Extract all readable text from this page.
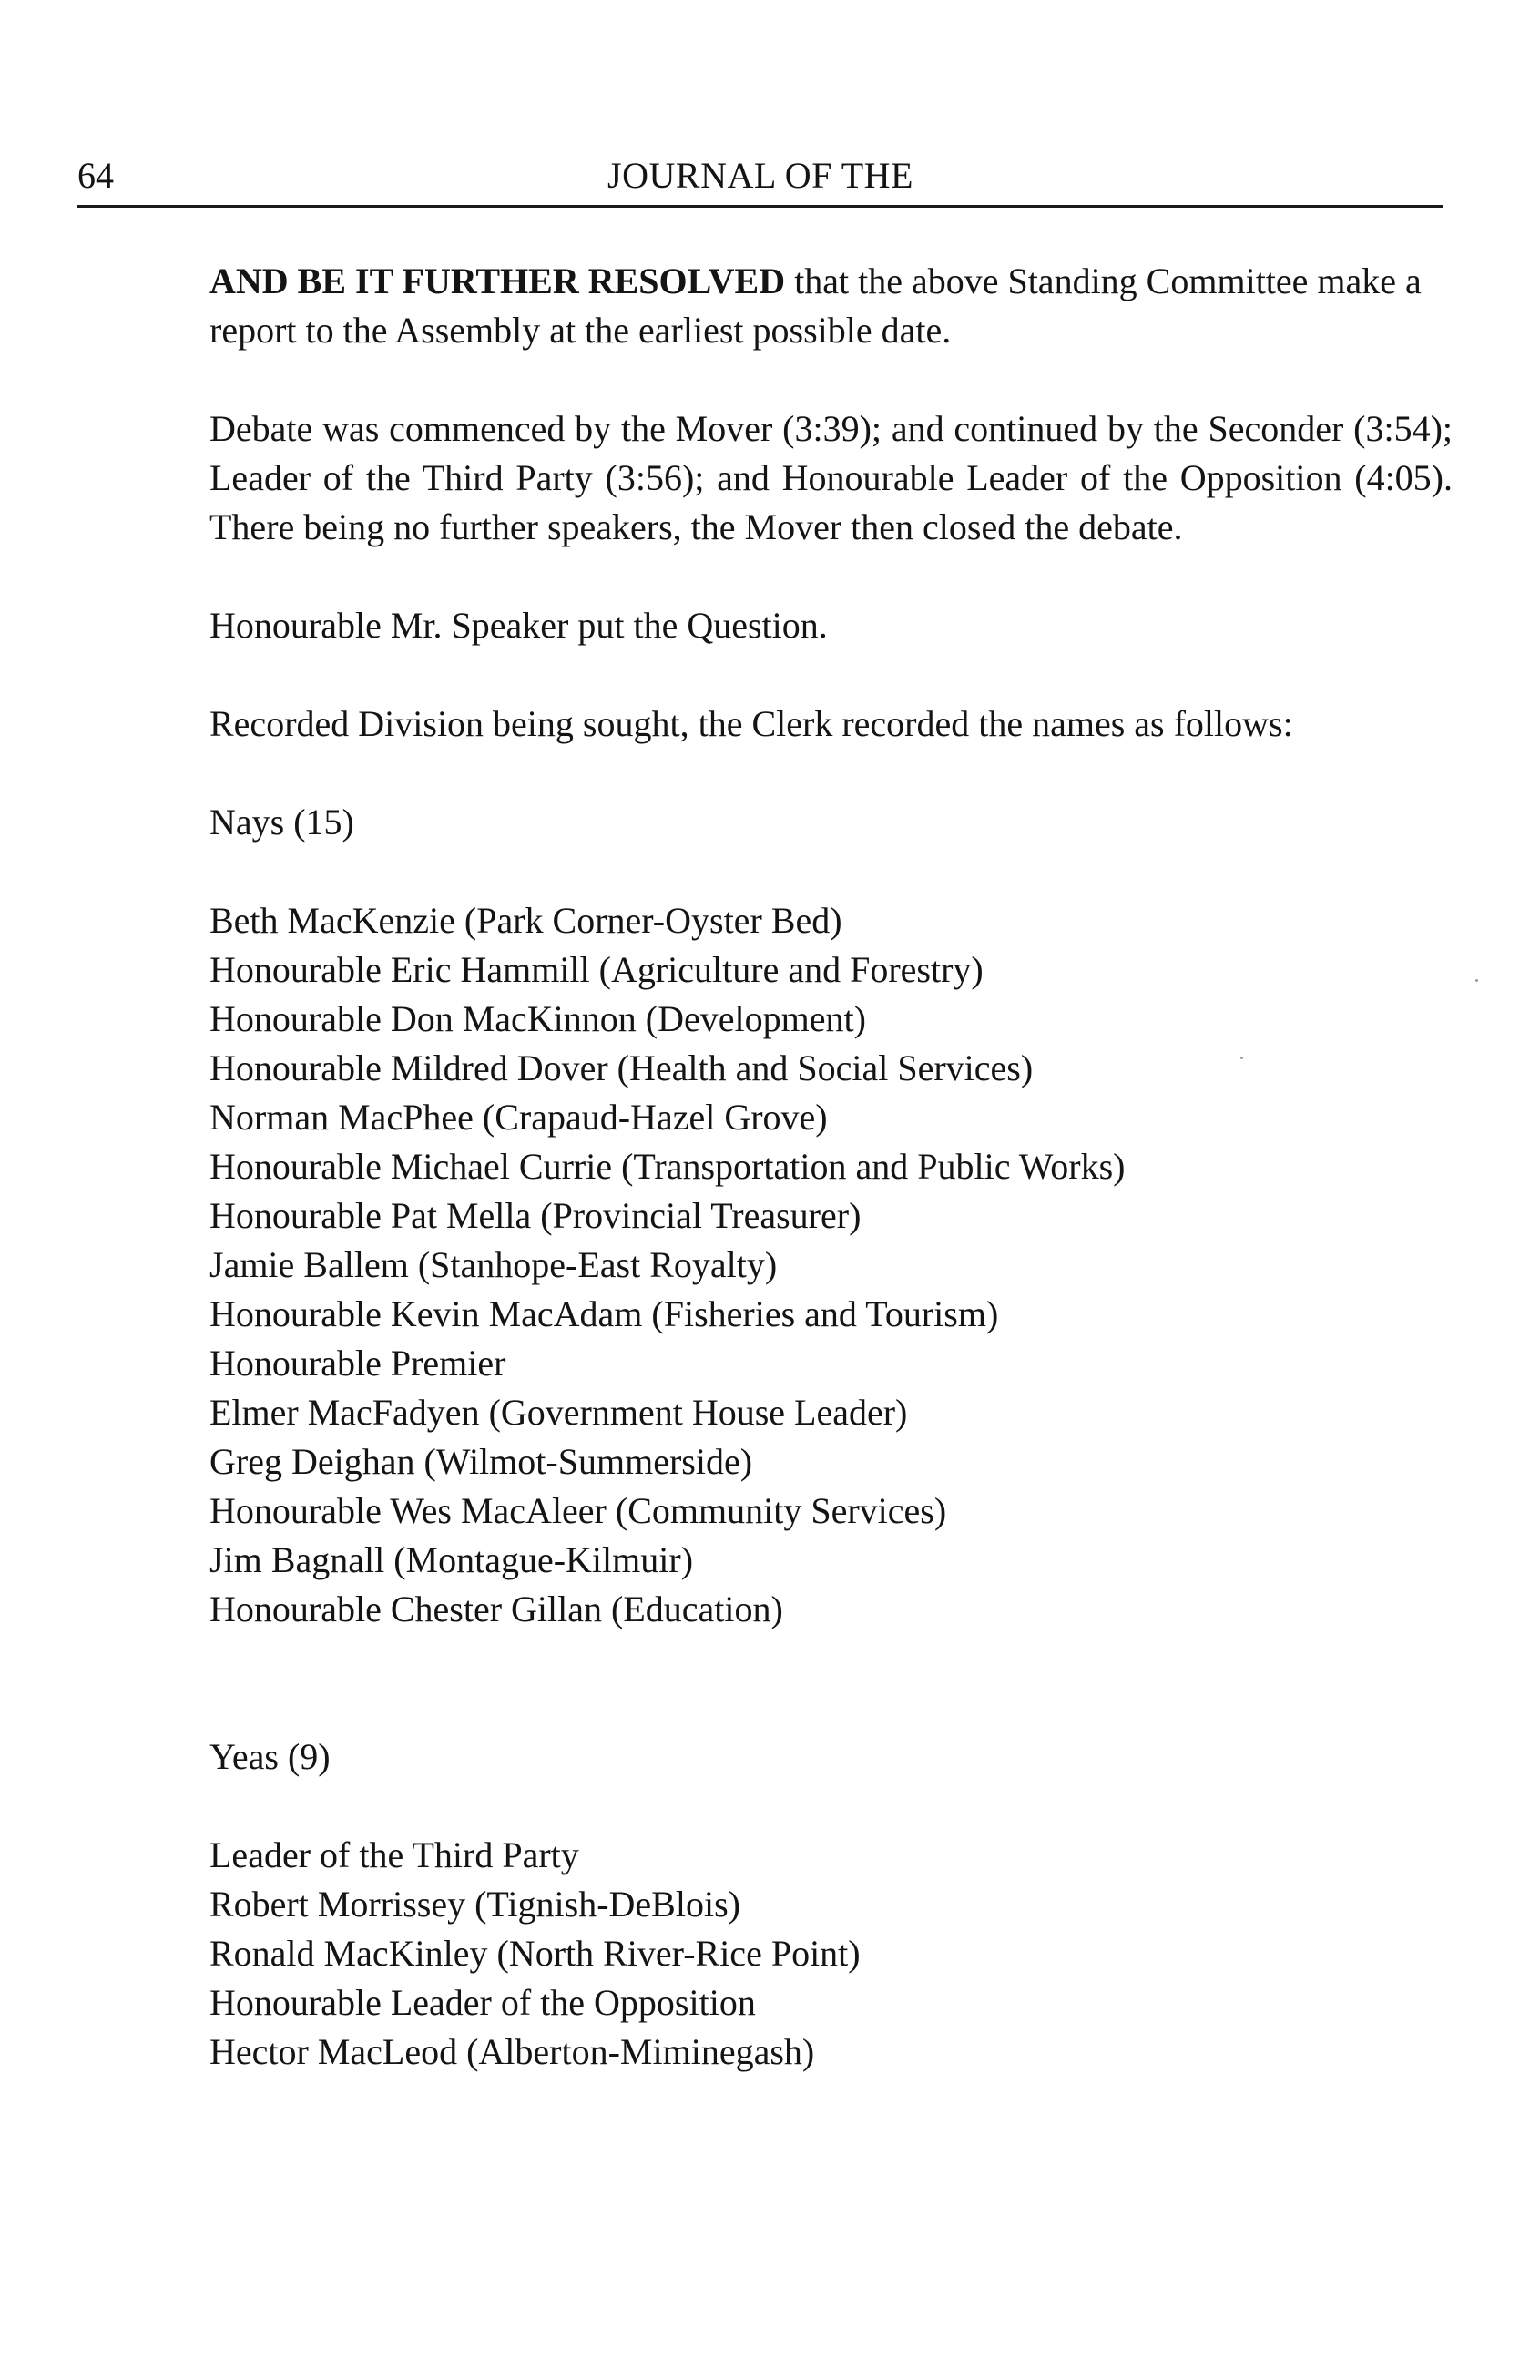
64	JOURNAL OF THE

AND BE IT FURTHER RESOLVED that the above Standing Committee make a report to the Assembly at the earliest possible date.

Debate was commenced by the Mover (3:39); and continued by the Seconder (3:54); Leader of the Third Party (3:56); and Honourable Leader of the Opposition (4:05). There being no further speakers, the Mover then closed the debate.

Honourable Mr. Speaker put the Question.

Recorded Division being sought, the Clerk recorded the names as follows:

Nays (15)

Beth MacKenzie (Park Corner-Oyster Bed)
Honourable Eric Hammill (Agriculture and Forestry)
Honourable Don MacKinnon (Development)
Honourable Mildred Dover (Health and Social Services)
Norman MacPhee (Crapaud-Hazel Grove)
Honourable Michael Currie (Transportation and Public Works)
Honourable Pat Mella (Provincial Treasurer)
Jamie Ballem (Stanhope-East Royalty)
Honourable Kevin MacAdam (Fisheries and Tourism)
Honourable Premier
Elmer MacFadyen (Government House Leader)
Greg Deighan (Wilmot-Summerside)
Honourable Wes MacAleer (Community Services)
Jim Bagnall (Montague-Kilmuir)
Honourable Chester Gillan (Education)

Yeas (9)

Leader of the Third Party
Robert Morrissey (Tignish-DeBlois)
Ronald MacKinley (North River-Rice Point)
Honourable Leader of the Opposition
Hector MacLeod (Alberton-Miminegash)
